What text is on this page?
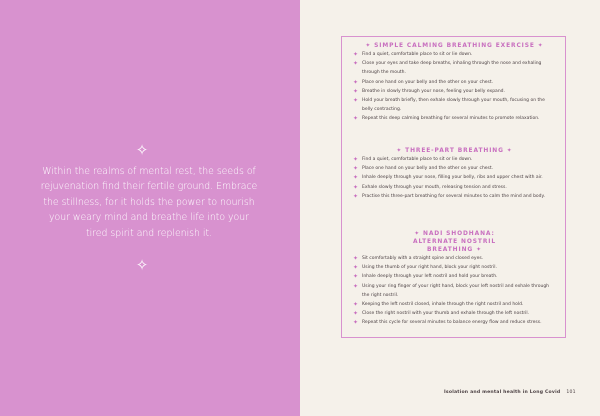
✧

Within the realms of mental rest, the seeds of rejuvenation find their fertile ground. Embrace the stillness, for it holds the power to nourish your weary mind and breathe life into your tired spirit and replenish it.

✧
✦ SIMPLE CALMING BREATHING EXERCISE ✦
✦ Find a quiet, comfortable place to sit or lie down.
✦ Close your eyes and take deep breaths, inhaling through the nose and exhaling through the mouth.
✦ Place one hand on your belly and the other on your chest.
✦ Breathe in slowly through your nose, feeling your belly expand.
✦ Hold your breath briefly, then exhale slowly through your mouth, focusing on the belly contracting.
✦ Repeat this deep calming breathing for several minutes to promote relaxation.
✦ THREE-PART BREATHING ✦
✦ Find a quiet, comfortable place to sit or lie down.
✦ Place one hand on your belly and the other on your chest.
✦ Inhale deeply through your nose, filling your belly, ribs and upper chest with air.
✦ Exhale slowly through your mouth, releasing tension and stress.
✦ Practise this three-part breathing for several minutes to calm the mind and body.
✦ NADI SHODHANA: ALTERNATE NOSTRIL BREATHING ✦
✦ Sit comfortably with a straight spine and closed eyes.
✦ Using the thumb of your right hand, block your right nostril.
✦ Inhale deeply through your left nostril and hold your breath.
✦ Using your ring finger of your right hand, block your left nostril and exhale through the right nostril.
✦ Keeping the left nostril closed, inhale through the right nostril and hold.
✦ Close the right nostril with your thumb and exhale through the left nostril.
✦ Repeat this cycle for several minutes to balance energy flow and reduce stress.
Isolation and mental health in Long Covid 101
